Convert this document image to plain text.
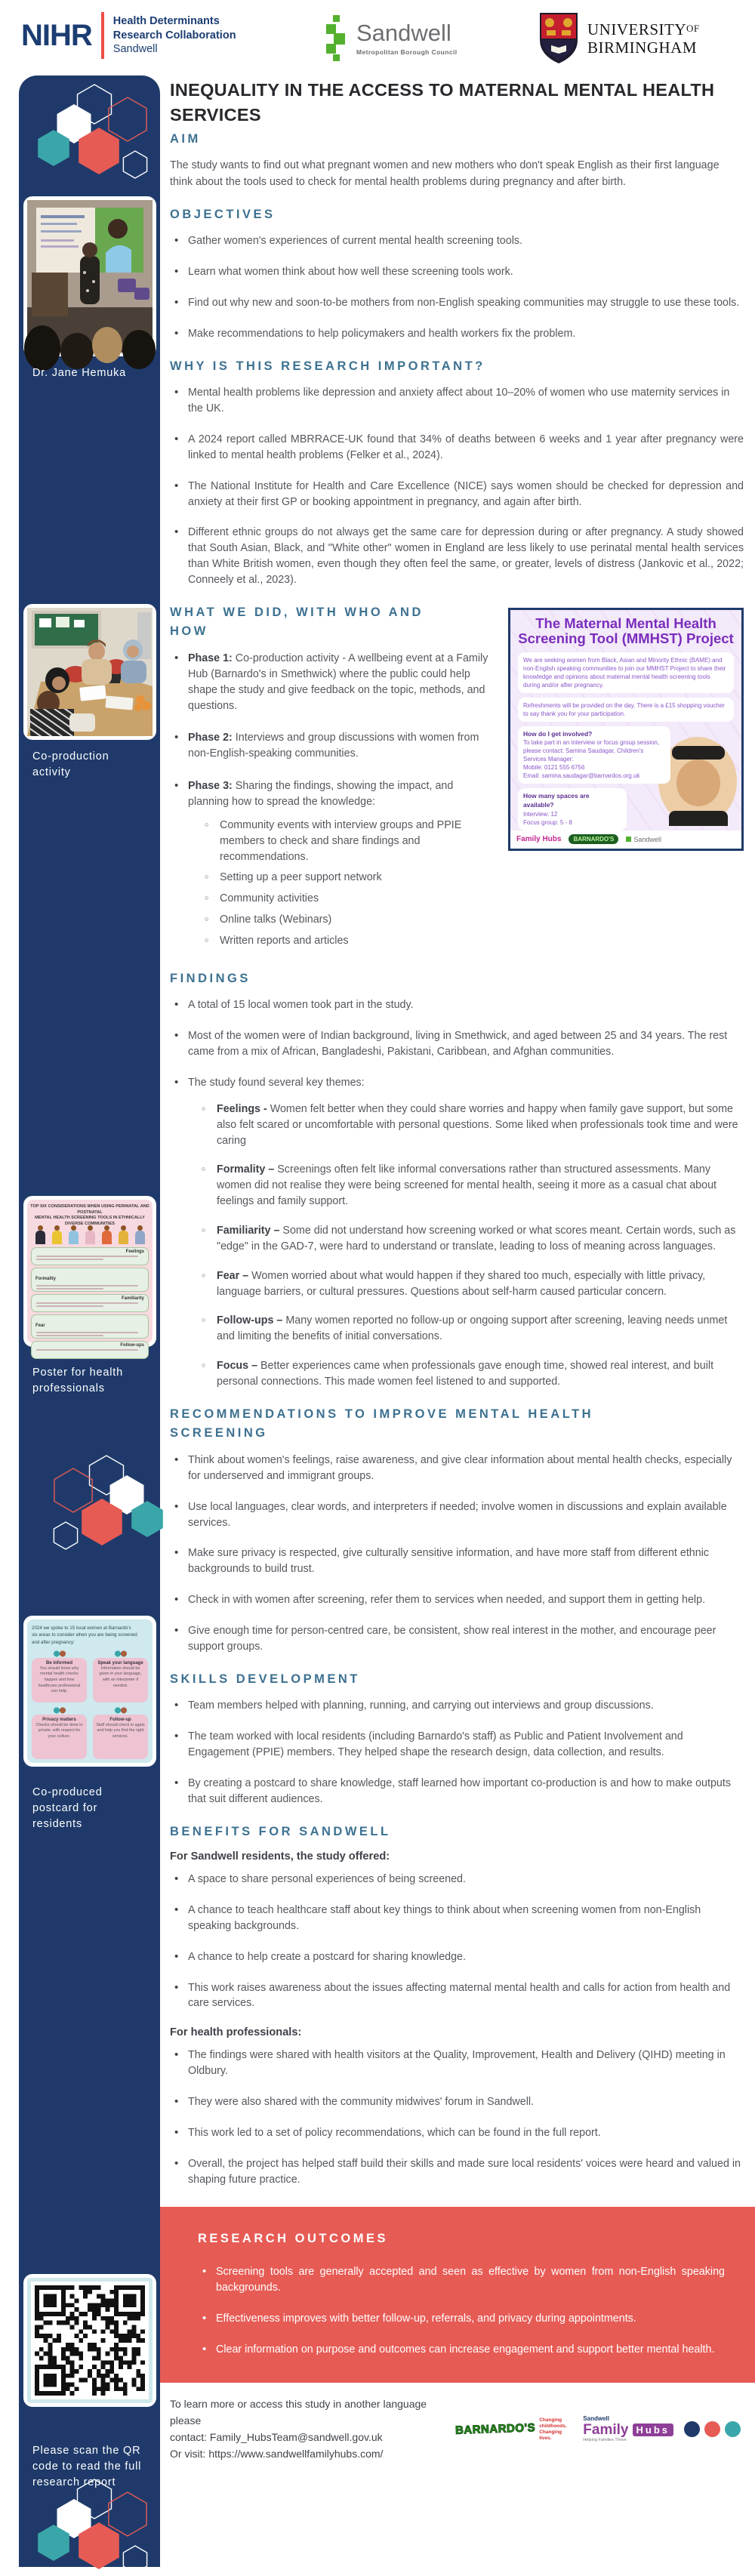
NIHR Health Determinants
Research Collaboration
Sandwell
Sandwell
Metropolitan Borough Council
UNIVERSITYOF
BIRMINGHAM
Dr. Jane Hemuka
Co-production activity
TOP SIX CONSIDERATIONS WHEN USING PERINATAL AND POSTNATAL
MENTAL HEALTH SCREENING TOOLS IN ETHNICALLY DIVERSE COMMUNITIES
Feelings
Formality
Familiarity
Fear
Follow-ups
Poster for health professionals
2024 we spoke to 15 local women at Barnardo's
six areas to consider when you are being screened
and after pregnancy:
Be informed
You should know why mental health checks happen and how healthcare professional can help.
Speak your language
Information should be given in your language, with an interpreter if needed.
Privacy matters
Checks should be done in private, with respect for your culture.
Follow-up
Staff should check in again and help you find the right services.
Co-produced postcard for residents
Please scan the QR code to read the full research report
INEQUALITY IN THE ACCESS TO MATERNAL MENTAL HEALTH SERVICES
AIM

The study wants to find out what pregnant women and new mothers who don't speak English as their first language think about the tools used to check for mental health problems during pregnancy and after birth.

OBJECTIVES
• Gather women's experiences of current mental health screening tools.
• Learn what women think about how well these screening tools work.
• Find out why new and soon-to-be mothers from non-English speaking communities may struggle to use these tools.
• Make recommendations to help policymakers and health workers fix the problem.
WHY IS THIS RESEARCH IMPORTANT?
• Mental health problems like depression and anxiety affect about 10–20% of women who use maternity services in the UK.
• A 2024 report called MBRRACE-UK found that 34% of deaths between 6 weeks and 1 year after pregnancy were linked to mental health problems (Felker et al., 2024).
• The National Institute for Health and Care Excellence (NICE) says women should be checked for depression and anxiety at their first GP or booking appointment in pregnancy, and again after birth.
• Different ethnic groups do not always get the same care for depression during or after pregnancy. A study showed that South Asian, Black, and "White other" women in England are less likely to use perinatal mental health services than White British women, even though they often feel the same, or greater, levels of distress (Jankovic et al., 2022; Conneely et al., 2023).
The Maternal Mental Health Screening Tool (MMHST) Project
We are seeking women from Black, Asian and Minority Ethnic (BAME) and non-English speaking communities to join our MMHST Project to share their knowledge and opinions about maternal mental health screening tools during and/or after pregnancy.
Refreshments will be provided on the day. There is a £15 shopping voucher to say thank you for your participation.
How do I get involved?
To take part in an interview or focus group session, please contact: Samina Saudagar, Children's Services Manager:
Mobile: 0121 555 6756
Email: samina.saudagar@barnardos.org.uk
How many spaces are available?
Interview: 12
Focus group: 5 - 8
Family Hubs	BARNARDO'S	Sandwell
WHAT WE DID, WITH WHO AND HOW
• Phase 1: Co-production activity - A wellbeing event at a Family Hub (Barnardo's in Smethwick) where the public could help shape the study and give feedback on the topic, methods, and questions.
• Phase 2: Interviews and group discussions with women from non-English-speaking communities.
• Phase 3: Sharing the findings, showing the impact, and planning how to spread the knowledge:
○ Community events with interview groups and PPIE members to check and share findings and recommendations.
○ Setting up a peer support network
○ Community activities
○ Online talks (Webinars)
○ Written reports and articles
FINDINGS
• A total of 15 local women took part in the study.
• Most of the women were of Indian background, living in Smethwick, and aged between 25 and 34 years. The rest came from a mix of African, Bangladeshi, Pakistani, Caribbean, and Afghan communities.
• The study found several key themes:
○ Feelings - Women felt better when they could share worries and happy when family gave support, but some also felt scared or uncomfortable with personal questions. Some liked when professionals took time and were caring
○ Formality – Screenings often felt like informal conversations rather than structured assessments. Many women did not realise they were being screened for mental health, seeing it more as a casual chat about feelings and family support.
○ Familiarity – Some did not understand how screening worked or what scores meant. Certain words, such as "edge" in the GAD-7, were hard to understand or translate, leading to loss of meaning across languages.
○ Fear – Women worried about what would happen if they shared too much, especially with little privacy, language barriers, or cultural pressures. Questions about self-harm caused particular concern.
○ Follow-ups – Many women reported no follow-up or ongoing support after screening, leaving needs unmet and limiting the benefits of initial conversations.
○ Focus – Better experiences came when professionals gave enough time, showed real interest, and built personal connections. This made women feel listened to and supported.
RECOMMENDATIONS TO IMPROVE MENTAL HEALTH SCREENING
• Think about women's feelings, raise awareness, and give clear information about mental health checks, especially for underserved and immigrant groups.
• Use local languages, clear words, and interpreters if needed; involve women in discussions and explain available services.
• Make sure privacy is respected, give culturally sensitive information, and have more staff from different ethnic backgrounds to build trust.
• Check in with women after screening, refer them to services when needed, and support them in getting help.
• Give enough time for person-centred care, be consistent, show real interest in the mother, and encourage peer support groups.
SKILLS DEVELOPMENT
• Team members helped with planning, running, and carrying out interviews and group discussions.
• The team worked with local residents (including Barnardo's staff) as Public and Patient Involvement and Engagement (PPIE) members. They helped shape the research design, data collection, and results.
• By creating a postcard to share knowledge, staff learned how important co-production is and how to make outputs that suit different audiences.
BENEFITS FOR SANDWELL

For Sandwell residents, the study offered:

• A space to share personal experiences of being screened.
• A chance to teach healthcare staff about key things to think about when screening women from non-English speaking backgrounds.
• A chance to help create a postcard for sharing knowledge.
• This work raises awareness about the issues affecting maternal mental health and calls for action from health and care services.

For health professionals:

• The findings were shared with health visitors at the Quality, Improvement, Health and Delivery (QIHD) meeting in Oldbury.
• They were also shared with the community midwives' forum in Sandwell.
• This work led to a set of policy recommendations, which can be found in the full report.
• Overall, the project has helped staff build their skills and made sure local residents' voices were heard and valued in shaping future practice.
RESEARCH OUTCOMES
• Screening tools are generally accepted and seen as effective by women from non-English speaking backgrounds.
• Effectiveness improves with better follow-up, referrals, and privacy during appointments.
• Clear information on purpose and outcomes can increase engagement and support better mental health.
To learn more or access this study in another language please
contact: Family_HubsTeam@sandwell.gov.uk
Or visit: https://www.sandwellfamilyhubs.com/
BARNARDO'S
Changing childhoods.
Changing lives.
Sandwell
Family Hubs
Helping Families Thrive
